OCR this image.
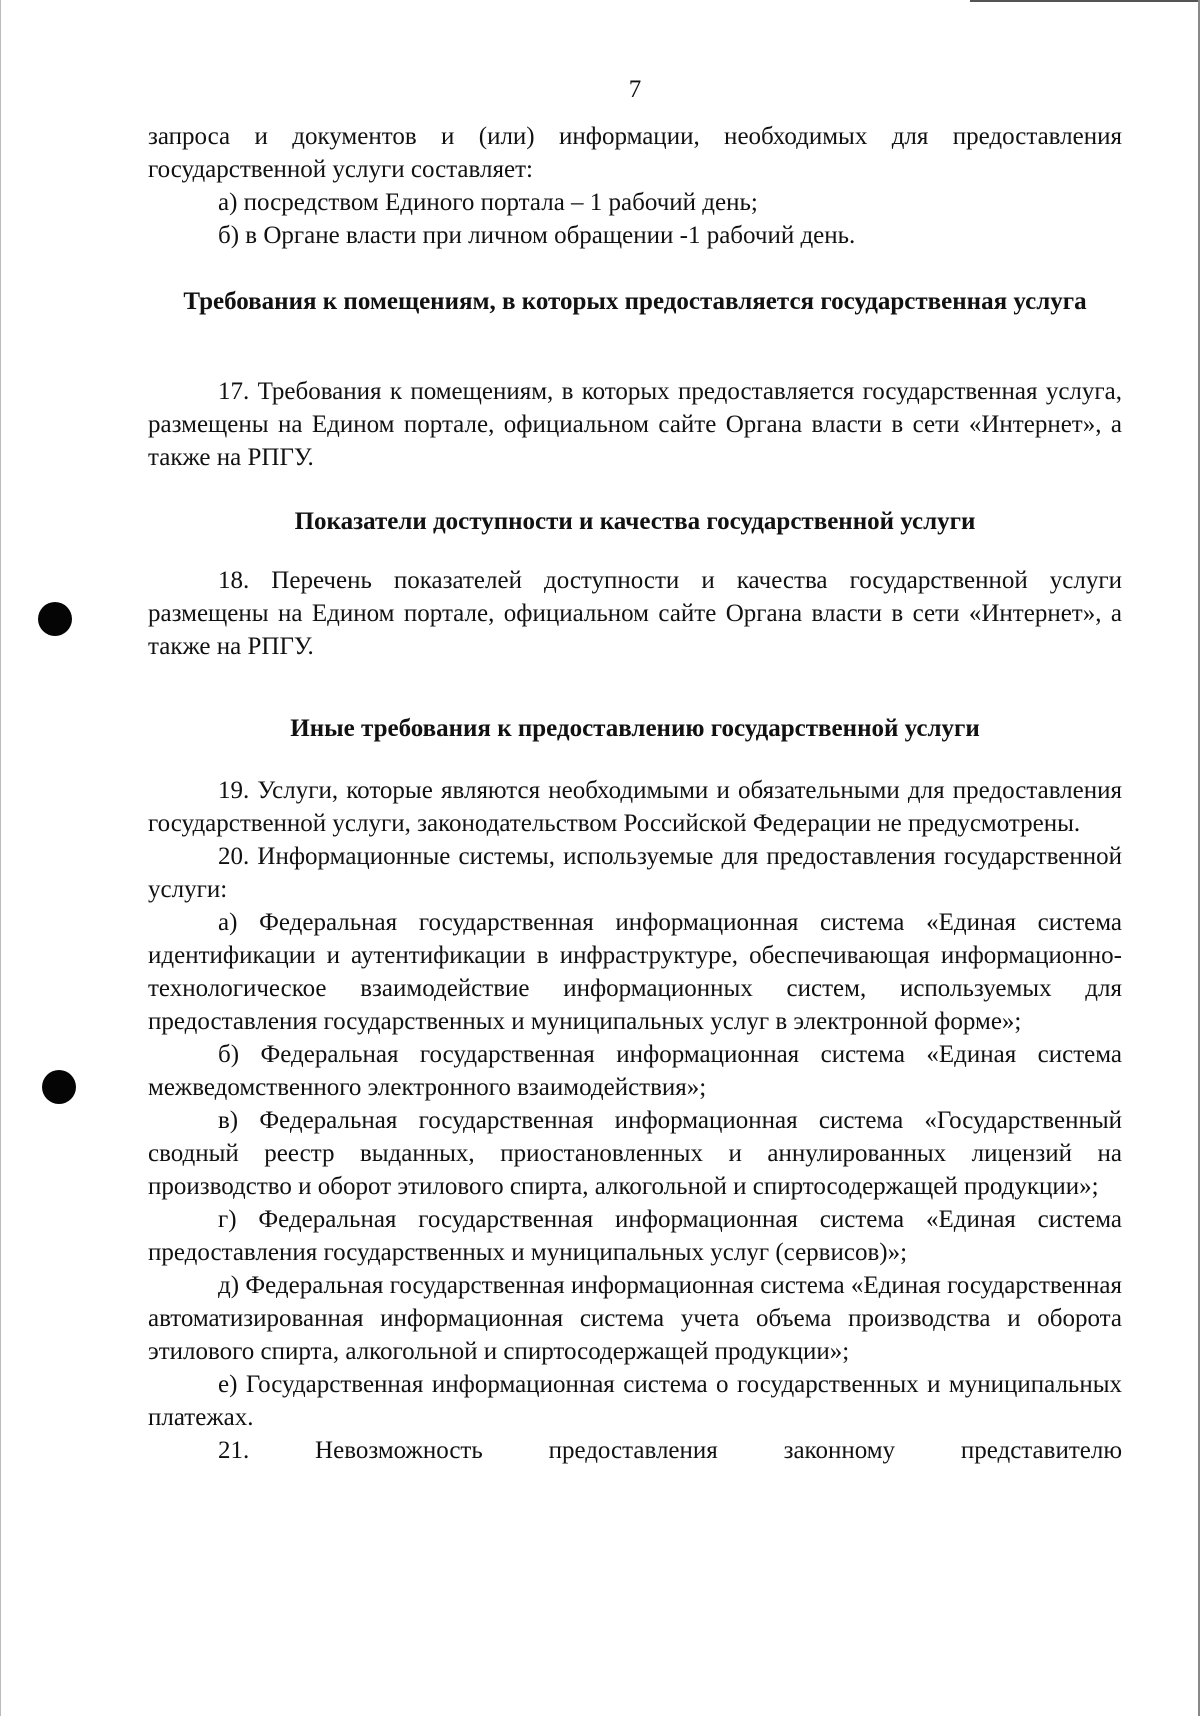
7

запроса и документов и (или) информации, необходимых для предоставления

государственной услуги составляет:

а) посредством Единого портала – 1 рабочий день;

б) в Органе власти при личном обращении -1 рабочий день.

Требования к помещениям, в которых предоставляется государственная услуга

17. Требования к помещениям, в которых предоставляется государственная услуга, размещены на Едином портале, официальном сайте Органа власти в сети «Интернет», а также на РПГУ.

Показатели доступности и качества государственной услуги

18. Перечень показателей доступности и качества государственной услуги размещены на Едином портале, официальном сайте Органа власти в сети «Интернет», а также на РПГУ.

Иные требования к предоставлению государственной услуги

19. Услуги, которые являются необходимыми и обязательными для предоставления государственной услуги, законодательством Российской Федерации не предусмотрены.

20. Информационные системы, используемые для предоставления государственной услуги:

а) Федеральная государственная информационная система «Единая система идентификации и аутентификации в инфраструктуре, обеспечивающая информационно-технологическое взаимодействие информационных систем, используемых для предоставления государственных и муниципальных услуг в электронной форме»;

б) Федеральная государственная информационная система «Единая система межведомственного электронного взаимодействия»;

в) Федеральная государственная информационная система «Государственный сводный реестр выданных, приостановленных и аннулированных лицензий на производство и оборот этилового спирта, алкогольной и спиртосодержащей продукции»;

г) Федеральная государственная информационная система «Единая система предоставления государственных и муниципальных услуг (сервисов)»;

д) Федеральная государственная информационная система «Единая государственная автоматизированная информационная система учета объема производства и оборота этилового спирта, алкогольной и спиртосодержащей продукции»;

е) Государственная информационная система о государственных и муниципальных платежах.

21. Невозможность предоставления законному представителю
